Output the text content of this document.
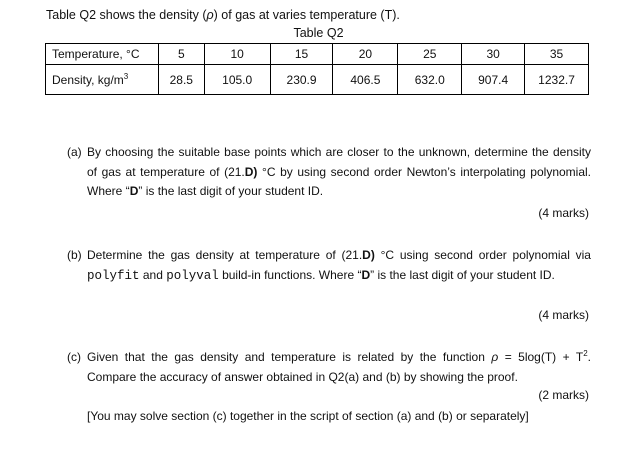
Table Q2 shows the density (ρ) of gas at varies temperature (T).
Table Q2
Temperature, °C	5	10	15	20	25	30	35
Density, $kg/m^3$	28.5	105.0	230.9	406.5	632.0	907.4	1232.7
(a) By choosing the suitable base points which are closer to the unknown, determine the density of gas at temperature of (21.D) °C by using second order Newton’s interpolating polynomial. Where “D” is the last digit of your student ID.
(4 marks)
(b) Determine the gas density at temperature of (21.D) °C using second order polynomial via polyfit and polyval build-in functions. Where “D” is the last digit of your student ID.
(4 marks)
(c) Given that the gas density and temperature is related by the function $\rho = 5\log(T) + T^2$. Compare the accuracy of answer obtained in Q2(a) and (b) by showing the proof.
(2 marks)
[You may solve section (c) together in the script of section (a) and (b) or separately]
